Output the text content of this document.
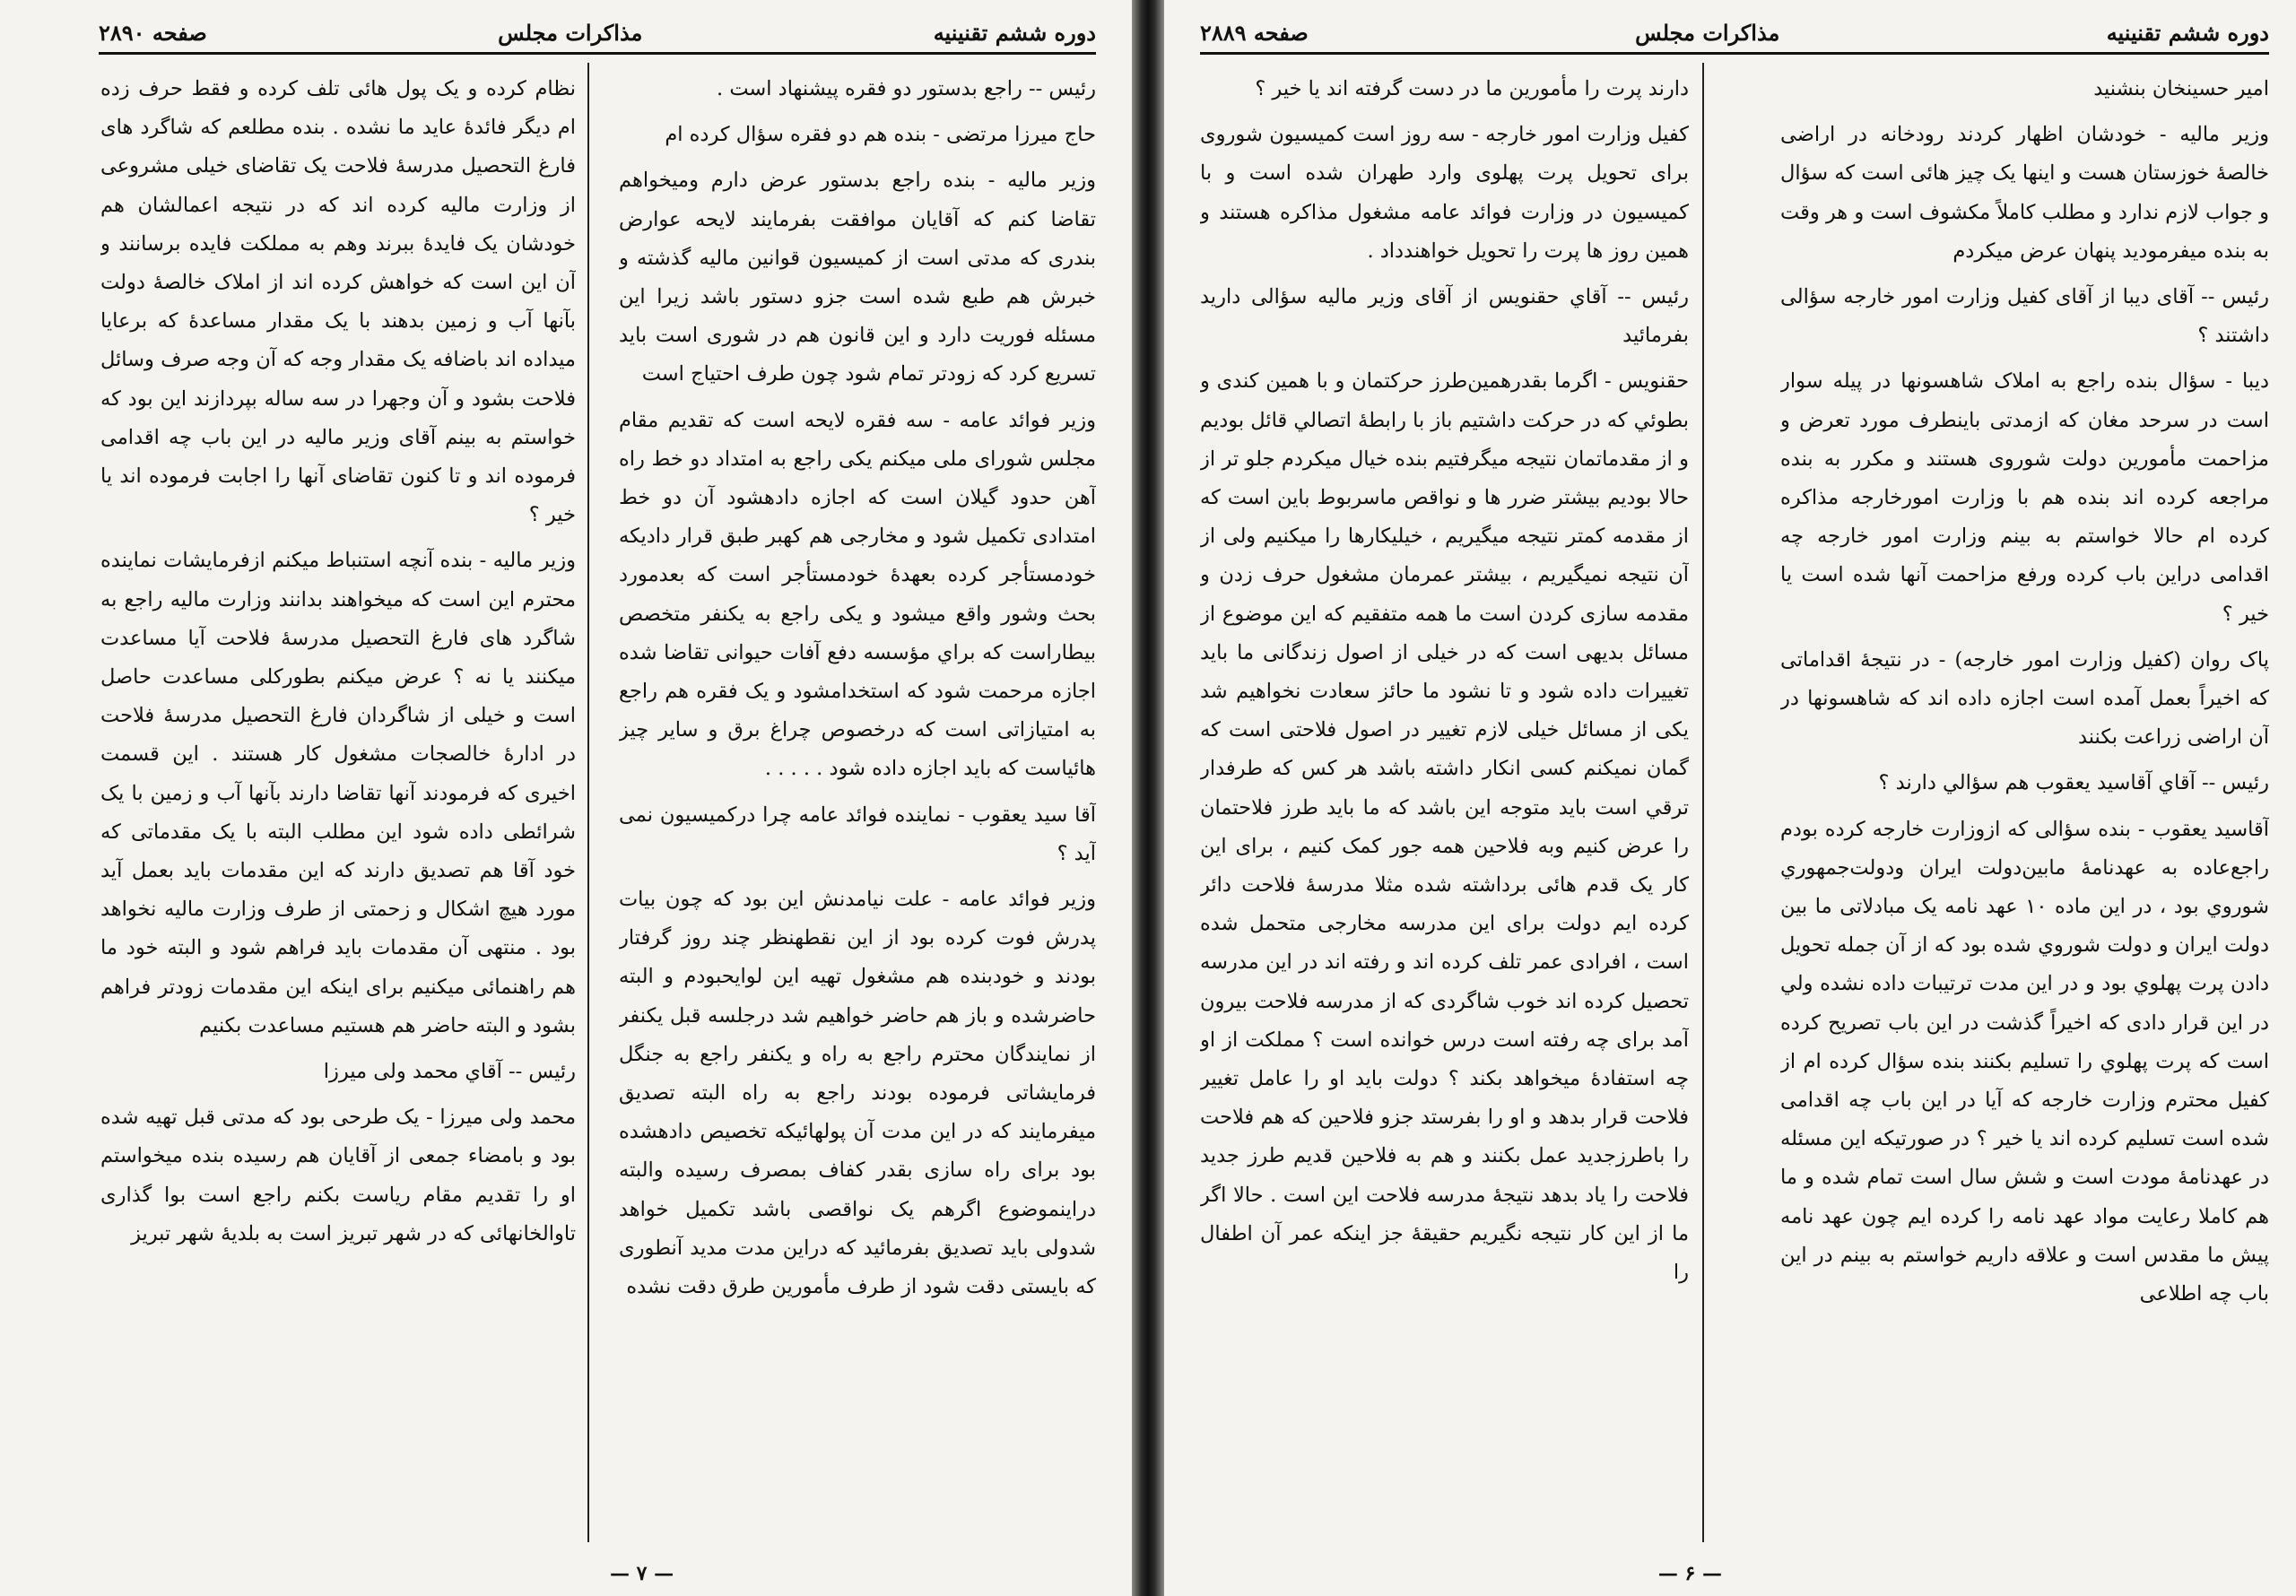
دوره ششم تقنینیه
مذاکرات مجلس
صفحه ۲۸۹۰

رئیس -- راجع بدستور دو فقره پیشنهاد است .

حاج میرزا مرتضی - بنده هم دو فقره سؤال کرده ام

وزیر مالیه - بنده راجع بدستور عرض دارم ومیخواهم تقاضا کنم که آقایان موافقت بفرمایند لایحه عوارض بندری که مدتی است از کمیسیون قوانین مالیه گذشته و خبرش هم طبع شده است جزو دستور باشد زیرا این مسئله فوریت دارد و این قانون هم در شوری است باید تسریع کرد که زودتر تمام شود چون طرف احتیاج است

وزیر فوائد عامه - سه فقره لایحه است که تقدیم مقام مجلس شورای ملی میکنم یکی راجع به امتداد دو خط راه آهن حدود گیلان است که اجازه دادهشود آن دو خط امتدادی تکمیل شود و مخارجی هم کهبر طبق قرار دادیکه خودمستأجر کرده بعهدهٔ خودمستأجر است که بعدمورد بحث وشور واقع میشود و یکی راجع به یکنفر متخصص بیطاراست که براي مؤسسه دفع آفات حیوانی تقاضا شده اجازه مرحمت شود که استخدامشود و یک فقره هم راجع به امتیازاتی است که درخصوص چراغ برق و سایر چیز هائیاست که باید اجازه داده شود . . . . .

آقا سید یعقوب - نماینده فوائد عامه چرا درکمیسیون نمی آید ؟

وزیر فوائد عامه - علت نیامدنش این بود که چون بیات پدرش فوت کرده بود از این نقطهنظر چند روز گرفتار بودند و خودبنده هم مشغول تهیه این لوایحبودم و البته حاضرشده و باز هم حاضر خواهیم شد درجلسه قبل یکنفر از نمایندگان محترم راجع به راه و یکنفر راجع به جنگل فرمایشاتی فرموده بودند راجع به راه البته تصدیق میفرمایند که در این مدت آن پولهائیکه تخصیص دادهشده بود برای راه سازی بقدر کفاف بمصرف رسیده والبته دراینموضوع اگرهم یک نواقصی باشد تکمیل خواهد شدولی باید تصدیق بفرمائید که دراین مدت مدید آنطوری که بایستی دقت شود از طرف مأمورین طرق دقت نشده

نظام کرده و یک پول هائی تلف کرده و فقط حرف زده ام دیگر فائدهٔ عاید ما نشده . بنده مطلعم که شاگرد های فارغ التحصیل مدرسهٔ فلاحت یک تقاضای خیلی مشروعی از وزارت مالیه کرده اند که در نتیجه اعمالشان هم خودشان یک فایدهٔ ببرند وهم به مملکت فایده برسانند و آن این است که خواهش کرده اند از املاک خالصهٔ دولت بآنها آب و زمین بدهند با یک مقدار مساعدهٔ که برعایا میداده اند باضافه یک مقدار وجه که آن وجه صرف وسائل فلاحت بشود و آن وجهرا در سه ساله بپردازند این بود که خواستم به بینم آقای وزیر مالیه در این باب چه اقدامی فرموده اند و تا کنون تقاضای آنها را اجابت فرموده اند یا خیر ؟

وزیر مالیه - بنده آنچه استنباط میکنم ازفرمایشات نماینده محترم این است که میخواهند بدانند وزارت مالیه راجع به شاگرد های فارغ التحصیل مدرسهٔ فلاحت آیا مساعدت میکنند یا نه ؟ عرض میکنم بطورکلی مساعدت حاصل است و خیلی از شاگردان فارغ التحصیل مدرسهٔ فلاحت در ادارهٔ خالصجات مشغول کار هستند . این قسمت اخیری که فرمودند آنها تقاضا دارند بآنها آب و زمین با یک شرائطی داده شود این مطلب البته با یک مقدماتی که خود آقا هم تصدیق دارند که این مقدمات باید بعمل آید مورد هیچ اشکال و زحمتی از طرف وزارت مالیه نخواهد بود . منتهی آن مقدمات باید فراهم شود و البته خود ما هم راهنمائی میکنیم برای اینکه این مقدمات زودتر فراهم بشود و البته حاضر هم هستیم مساعدت بکنیم

رئیس -- آقاي محمد ولی میرزا

محمد ولی میرزا - یک طرحی بود که مدتی قبل تهیه شده بود و بامضاء جمعی از آقایان هم رسیده بنده میخواستم او را تقدیم مقام ریاست بکنم راجع است بوا گذاری تاوالخانهائی که در شهر تبریز است به بلدیهٔ شهر تبریز

— ۷ —
دوره ششم تقنینیه
مذاکرات مجلس
صفحه ۲۸۸۹

امیر حسینخان بنشنید

وزیر مالیه - خودشان اظهار کردند رودخانه در اراضی خالصهٔ خوزستان هست و اینها یک چیز هائی است که سؤال و جواب لازم ندارد و مطلب کاملاً مکشوف است و هر وقت به بنده میفرمودید پنهان عرض میکردم

رئیس -- آقای دیبا از آقای کفیل وزارت امور خارجه سؤالی داشتند ؟

دیبا - سؤال بنده راجع به املاک شاهسونها در پیله سوار است در سرحد مغان که ازمدتی باینطرف مورد تعرض و مزاحمت مأمورین دولت شوروی هستند و مکرر به بنده مراجعه کرده اند بنده هم با وزارت امورخارجه مذاکره کرده ام حالا خواستم به بینم وزارت امور خارجه چه اقدامی دراین باب کرده ورفع مزاحمت آنها شده است یا خیر ؟

پاک روان (کفیل وزارت امور خارجه) - در نتیجهٔ اقداماتی که اخیراً بعمل آمده است اجازه داده اند که شاهسونها در آن اراضی زراعت بکنند

رئیس -- آقاي آقاسید یعقوب هم سؤالي دارند ؟

آقاسید یعقوب - بنده سؤالی که ازوزارت خارجه کرده بودم راجع‌عاده به عهدنامهٔ مابین‌دولت ایران ودولت‌جمهوري شوروي بود ، در این ماده ۱۰ عهد نامه یک مبادلاتی ما بین دولت ایران و دولت شوروي شده بود که از آن جمله تحویل دادن پرت پهلوي بود و در این مدت ترتیبات داده نشده ولي در این قرار دادی که اخیراً گذشت در این باب تصریح کرده است که پرت پهلوي را تسلیم بکنند بنده سؤال کرده ام از کفیل محترم وزارت خارجه که آیا در این باب چه اقدامی شده است تسلیم کرده اند یا خیر ؟ در صورتیکه این مسئله در عهدنامهٔ مودت است و شش سال است تمام شده و ما هم کاملا رعایت مواد عهد نامه را کرده ایم چون عهد نامه پیش ما مقدس است و علاقه داریم خواستم به بینم در این باب چه اطلاعی

دارند پرت را مأمورین ما در دست گرفته اند یا خیر ؟

کفیل وزارت امور خارجه - سه روز است کمیسیون شوروی برای تحویل پرت پهلوی وارد طهران شده است و با کمیسیون در وزارت فوائد عامه مشغول مذاکره هستند و همین روز ها پرت را تحویل خواهندداد .

رئیس -- آقاي حقنویس از آقای وزیر مالیه سؤالی دارید بفرمائید

حقنویس - اگرما بقدرهمین‌طرز حرکتمان و با همین کندی و بطوئي که در حرکت داشتیم باز با رابطهٔ اتصالي قائل بودیم و از مقدماتمان نتیجه میگرفتیم بنده خیال میکردم جلو تر از حالا بودیم بیشتر ضرر ها و نواقص ماسربوط باین است که از مقدمه کمتر نتیجه میگیریم ، خیلیکارها را میکنیم ولی از آن نتیجه نمیگیریم ، بیشتر عمرمان مشغول حرف زدن و مقدمه سازی کردن است ما همه متفقیم که این موضوع از مسائل بدیهی است که در خیلی از اصول زندگانی ما باید تغییرات داده شود و تا نشود ما حائز سعادت نخواهیم شد یکی از مسائل خیلی لازم تغییر در اصول فلاحتی است که گمان نمیکنم کسی انکار داشته باشد هر کس که طرفدار ترقي است باید متوجه این باشد که ما باید طرز فلاحتمان را عرض کنیم وبه فلاحین همه جور کمک کنیم ، برای این کار یک قدم هائی برداشته شده مثلا مدرسهٔ فلاحت دائر کرده ایم دولت برای این مدرسه مخارجی متحمل شده است ، افرادی عمر تلف کرده اند و رفته اند در این مدرسه تحصیل کرده اند خوب شاگردی که از مدرسه فلاحت بیرون آمد برای چه رفته است درس خوانده است ؟ مملکت از او چه استفادهٔ میخواهد بکند ؟ دولت باید او را عامل تغییر فلاحت قرار بدهد و او را بفرستد جزو فلاحین که هم فلاحت را باطرزجدید عمل بکنند و هم به فلاحین قدیم طرز جدید فلاحت را یاد بدهد نتیجهٔ مدرسه فلاحت این است . حالا اگر ما از این کار نتیجه نگیریم حقیقهٔ جز اینکه عمر آن اطفال را

— ۶ —
